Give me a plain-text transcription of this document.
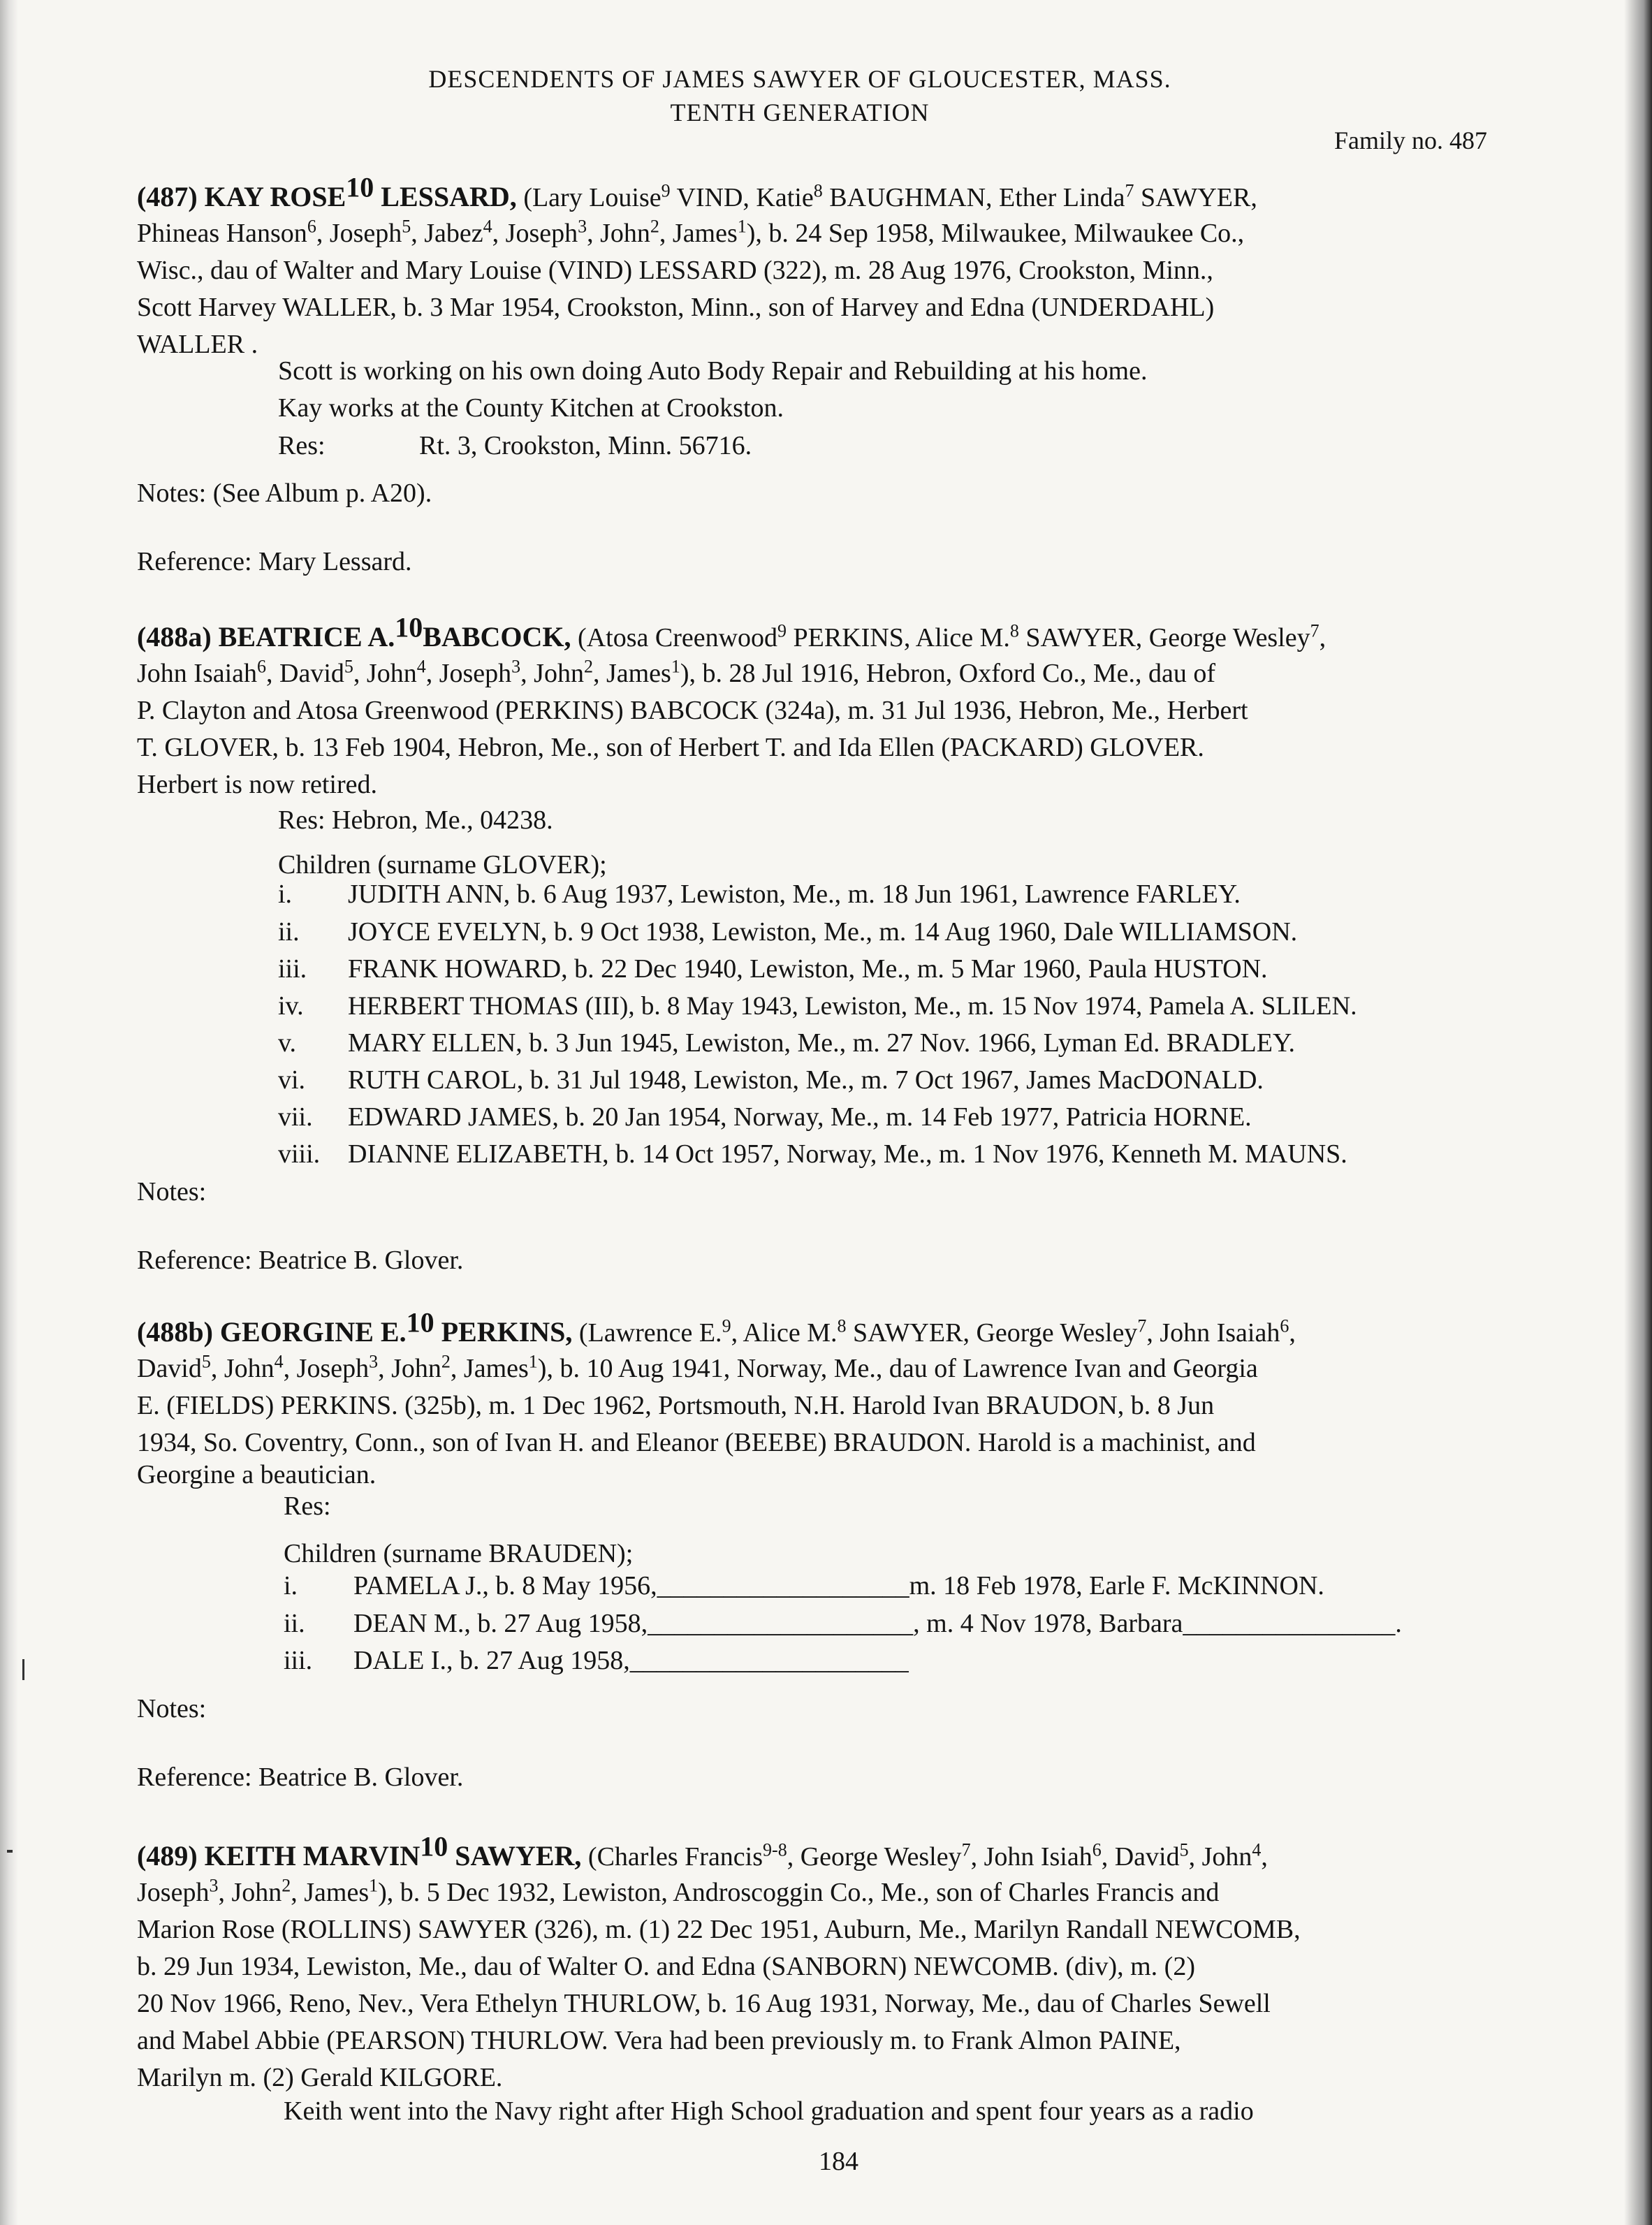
DESCENDENTS OF JAMES SAWYER OF GLOUCESTER, MASS.
TENTH GENERATION
Family no. 487
(487) KAY ROSE$^{10}$ LESSARD, (Lary Louise$^9$ VIND, Katie$^8$ BAUGHMAN, Ether Linda$^7$ SAWYER,
Phineas Hanson$^6$, Joseph$^5$, Jabez$^4$, Joseph$^3$, John$^2$, James$^1$), b. 24 Sep 1958, Milwaukee, Milwaukee Co.,
Wisc., dau of Walter and Mary Louise (VIND) LESSARD (322), m. 28 Aug 1976, Crookston, Minn.,
Scott Harvey WALLER, b. 3 Mar 1954, Crookston, Minn., son of Harvey and Edna (UNDERDAHL)
WALLER .
Scott is working on his own doing Auto Body Repair and Rebuilding at his home.
Kay works at the County Kitchen at Crookston.
Res:	Rt. 3, Crookston, Minn. 56716.
Notes: (See Album p. A20).
Reference: Mary Lessard.
(488a) BEATRICE A.$^{10}$BABCOCK, (Atosa Creenwood$^9$ PERKINS, Alice M.$^8$ SAWYER, George Wesley$^7$,
John Isaiah$^6$, David$^5$, John$^4$, Joseph$^3$, John$^2$, James$^1$), b. 28 Jul 1916, Hebron, Oxford Co., Me., dau of
P. Clayton and Atosa Greenwood (PERKINS) BABCOCK (324a), m. 31 Jul 1936, Hebron, Me., Herbert
T. GLOVER, b. 13 Feb 1904, Hebron, Me., son of Herbert T. and Ida Ellen (PACKARD) GLOVER.
Herbert is now retired.
Res: Hebron, Me., 04238.
Children (surname GLOVER);
i. JUDITH ANN, b. 6 Aug 1937, Lewiston, Me., m. 18 Jun 1961, Lawrence FARLEY.
ii. JOYCE EVELYN, b. 9 Oct 1938, Lewiston, Me., m. 14 Aug 1960, Dale WILLIAMSON.
iii. FRANK HOWARD, b. 22 Dec 1940, Lewiston, Me., m. 5 Mar 1960, Paula HUSTON.
iv. HERBERT THOMAS (III), b. 8 May 1943, Lewiston, Me., m. 15 Nov 1974, Pamela A. SLILEN.
v. MARY ELLEN, b. 3 Jun 1945, Lewiston, Me., m. 27 Nov. 1966, Lyman Ed. BRADLEY.
vi. RUTH CAROL, b. 31 Jul 1948, Lewiston, Me., m. 7 Oct 1967, James MacDONALD.
vii. EDWARD JAMES, b. 20 Jan 1954, Norway, Me., m. 14 Feb 1977, Patricia HORNE.
viii. DIANNE ELIZABETH, b. 14 Oct 1957, Norway, Me., m. 1 Nov 1976, Kenneth M. MAUNS.
Notes:
Reference: Beatrice B. Glover.
(488b) GEORGINE E.$^{10}$ PERKINS, (Lawrence E.$^9$, Alice M.$^8$ SAWYER, George Wesley$^7$, John Isaiah$^6$,
David$^5$, John$^4$, Joseph$^3$, John$^2$, James$^1$), b. 10 Aug 1941, Norway, Me., dau of Lawrence Ivan and Georgia
E. (FIELDS) PERKINS. (325b), m. 1 Dec 1962, Portsmouth, N.H. Harold Ivan BRAUDON, b. 8 Jun
1934, So. Coventry, Conn., son of Ivan H. and Eleanor (BEEBE) BRAUDON. Harold is a machinist, and
Georgine a beautician.
Res:
Children (surname BRAUDEN);
i. PAMELA J., b. 8 May 1956,___________________m. 18 Feb 1978, Earle F. McKINNON.
ii. DEAN M., b. 27 Aug 1958,____________________, m. 4 Nov 1978, Barbara________________.
iii. DALE I., b. 27 Aug 1958,_____________________
Notes:
Reference: Beatrice B. Glover.
(489) KEITH MARVIN$^{10}$ SAWYER, (Charles Francis$^{9-8}$, George Wesley$^7$, John Isiah$^6$, David$^5$, John$^4$,
Joseph$^3$, John$^2$, James$^1$), b. 5 Dec 1932, Lewiston, Androscoggin Co., Me., son of Charles Francis and
Marion Rose (ROLLINS) SAWYER (326), m. (1) 22 Dec 1951, Auburn, Me., Marilyn Randall NEWCOMB,
b. 29 Jun 1934, Lewiston, Me., dau of Walter O. and Edna (SANBORN) NEWCOMB. (div), m. (2)
20 Nov 1966, Reno, Nev., Vera Ethelyn THURLOW, b. 16 Aug 1931, Norway, Me., dau of Charles Sewell
and Mabel Abbie (PEARSON) THURLOW. Vera had been previously m. to Frank Almon PAINE,
Marilyn m. (2) Gerald KILGORE.
Keith went into the Navy right after High School graduation and spent four years as a radio
184
